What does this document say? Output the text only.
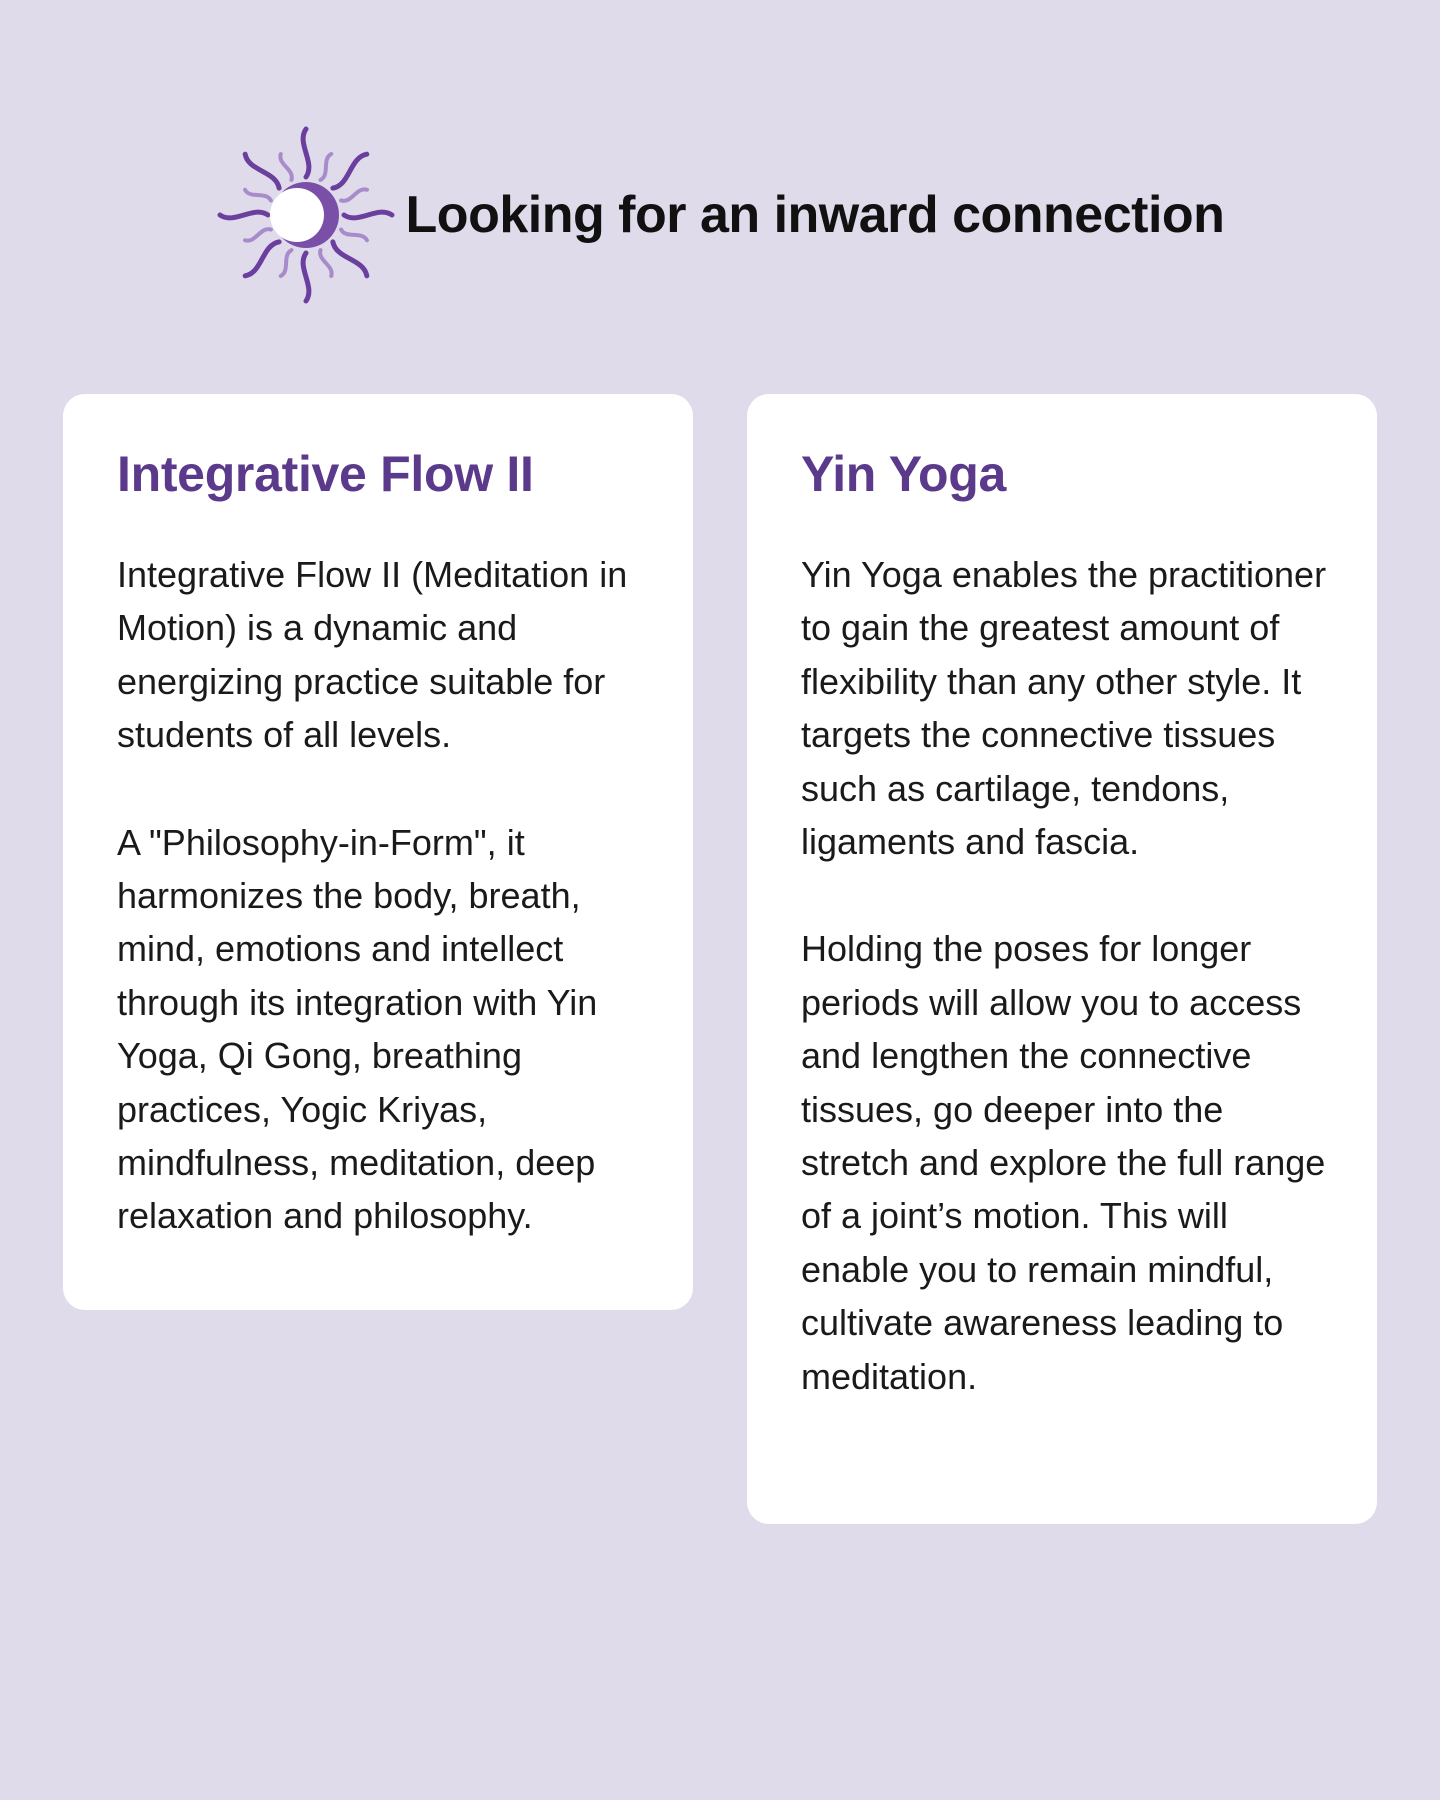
Looking for an inward connection
Integrative Flow II

Integrative Flow II (Meditation in Motion) is a dynamic and energizing practice suitable for students of all levels.

A "Philosophy-in-Form", it harmonizes the body, breath, mind, emotions and intellect through its integration with Yin Yoga, Qi Gong, breathing practices, Yogic Kriyas, mindfulness, meditation, deep relaxation and philosophy.

Yin Yoga

Yin Yoga enables the practitioner to gain the greatest amount of flexibility than any other style. It targets the connective tissues such as cartilage, tendons, ligaments and fascia.

Holding the poses for longer periods will allow you to access and lengthen the connective tissues, go deeper into the stretch and explore the full range of a joint’s motion. This will enable you to remain mindful, cultivate awareness leading to meditation.
